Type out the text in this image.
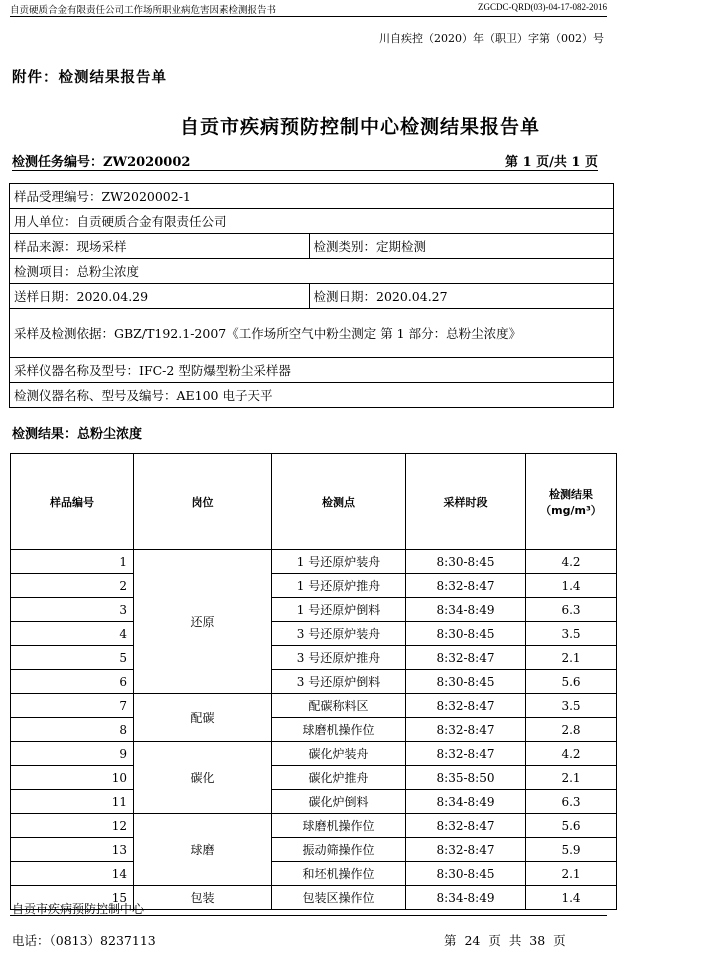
自贡硬质合金有限责任公司工作场所职业病危害因素检测报告书	ZGCDC-QRD(03)-04-17-082-2016
川自疾控（2020）年（职卫）字第（002）号
附件：检测结果报告单
自贡市疾病预防控制中心检测结果报告单
检测任务编号：ZW2020002	第 1 页/共 1 页
样品受理编号：ZW2020002-1	
用人单位：自贡硬质合金有限责任公司	
样品来源：现场采样	检测类别：定期检测
检测项目：总粉尘浓度	
送样日期：2020.04.29	检测日期：2020.04.27
采样及检测依据：GBZ/T192.1-2007《工作场所空气中粉尘测定 第 1 部分：总粉尘浓度》	
采样仪器名称及型号：IFC-2 型防爆型粉尘采样器	
检测仪器名称、型号及编号：AE100 电子天平	
检测结果：总粉尘浓度
样品编号	岗位	检测点	采样时段	检测结果
（mg/m³）
1	还原	1 号还原炉装舟	8:30-8:45	4.2
2		1 号还原炉推舟	8:32-8:47	1.4
3		1 号还原炉倒料	8:34-8:49	6.3
4		3 号还原炉装舟	8:30-8:45	3.5
5		3 号还原炉推舟	8:32-8:47	2.1
6		3 号还原炉倒料	8:30-8:45	5.6
7	配碳	配碳称料区	8:32-8:47	3.5
8		球磨机操作位	8:32-8:47	2.8
9	碳化	碳化炉装舟	8:32-8:47	4.2
10		碳化炉推舟	8:35-8:50	2.1
11		碳化炉倒料	8:34-8:49	6.3
12	球磨	球磨机操作位	8:32-8:47	5.6
13		振动筛操作位	8:32-8:47	5.9
14		和坯机操作位	8:30-8:45	2.1
15	包装	包装区操作位	8:34-8:49	1.4
自贡市疾病预防控制中心
电话：（0813）8237113	第 24 页 共 38 页
